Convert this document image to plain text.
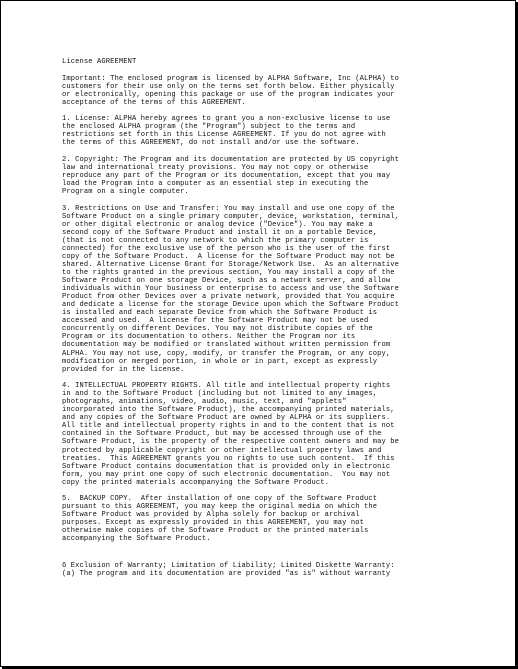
License AGREEMENT
Important: The enclosed program is licensed by ALPHA Software, Inc (ALPHA) to
customers for their use only on the terms set forth below. Either physically
or electronically, opening this package or use of the program indicates your
acceptance of the terms of this AGREEMENT.
1. License: ALPHA hereby agrees to grant you a non-exclusive license to use
the enclosed ALPHA program (the "Program") subject to the terms and
restrictions set forth in this License AGREEMENT. If you do not agree with
the terms of this AGREEMENT, do not install and/or use the software.
2. Copyright: The Program and its documentation are protected by US copyright
law and international treaty provisions. You may not copy or otherwise
reproduce any part of the Program or its documentation, except that you may
load the Program into a computer as an essential step in executing the
Program on a single computer.
3. Restrictions on Use and Transfer: You may install and use one copy of the
Software Product on a single primary computer, device, workstation, terminal,
or other digital electronic or analog device ("Device"). You may make a
second copy of the Software Product and install it on a portable Device,
(that is not connected to any network to which the primary computer is
connected) for the exclusive use of the person who is the user of the first
copy of the Software Product.  A license for the Software Product may not be
shared. Alternative License Grant for Storage/Network Use.  As an alternative
to the rights granted in the previous section, You may install a copy of the
Software Product on one storage Device, such as a network server, and allow
individuals within Your business or enterprise to access and use the Software
Product from other Devices over a private network, provided that You acquire
and dedicate a license for the storage Device upon which the Software Product
is installed and each separate Device from which the Software Product is
accessed and used.  A license for the Software Product may not be used
concurrently on different Devices. You may not distribute copies of the
Program or its documentation to others. Neither the Program nor its
documentation may be modified or translated without written permission from
ALPHA. You may not use, copy, modify, or transfer the Program, or any copy,
modification or merged portion, in whole or in part, except as expressly
provided for in the license.
4. INTELLECTUAL PROPERTY RIGHTS. All title and intellectual property rights
in and to the Software Product (including but not limited to any images,
photographs, animations, video, audio, music, text, and "applets"
incorporated into the Software Product), the accompanying printed materials,
and any copies of the Software Product are owned by ALPHA or its suppliers.
All title and intellectual property rights in and to the content that is not
contained in the Software Product, but may be accessed through use of the
Software Product, is the property of the respective content owners and may be
protected by applicable copyright or other intellectual property laws and
treaties.  This AGREEMENT grants you no rights to use such content.  If this
Software Product contains documentation that is provided only in electronic
form, you may print one copy of such electronic documentation.  You may not
copy the printed materials accompanying the Software Product.
5.  BACKUP COPY.  After installation of one copy of the Software Product
pursuant to this AGREEMENT, you may keep the original media on which the
Software Product was provided by Alpha solely for backup or archival
purposes. Except as expressly provided in this AGREEMENT, you may not
otherwise make copies of the Software Product or the printed materials
accompanying the Software Product.
6 Exclusion of Warranty; Limitation of Liability; Limited Diskette Warranty:
(a) The program and its documentation are provided "as is" without warranty
